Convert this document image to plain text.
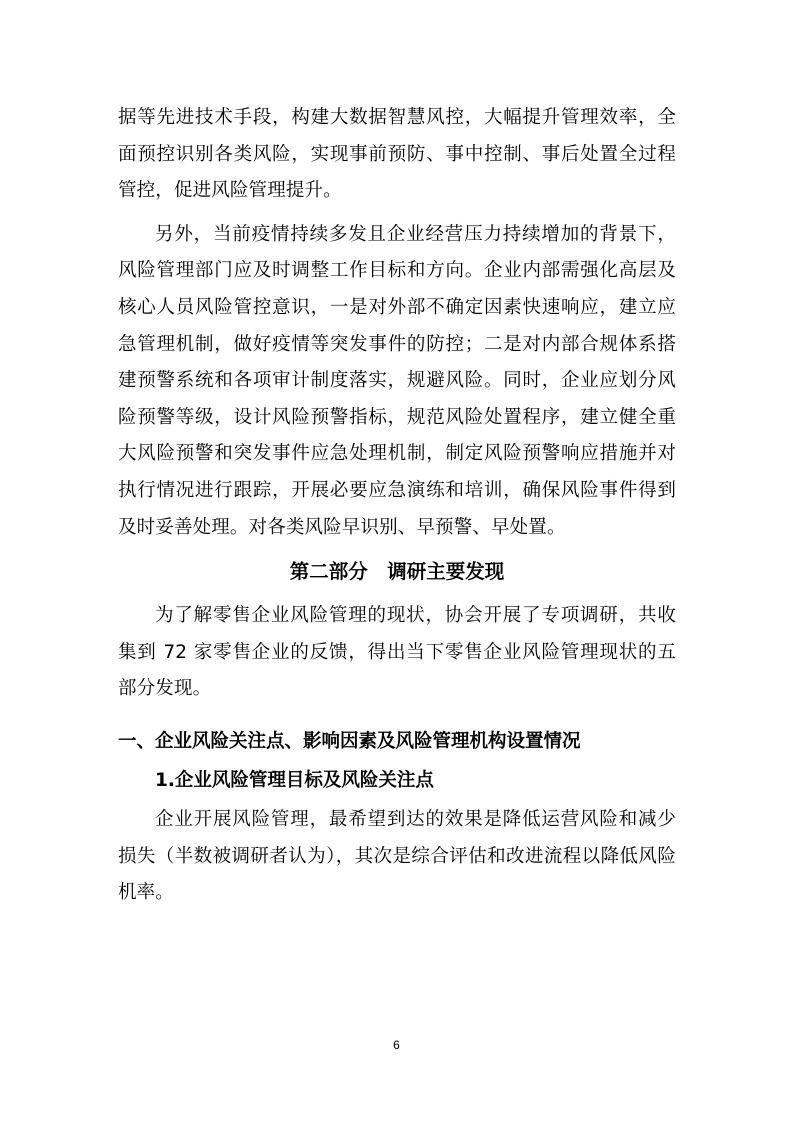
据等先进技术手段，构建大数据智慧风控，大幅提升管理效率，全面预控识别各类风险，实现事前预防、事中控制、事后处置全过程管控，促进风险管理提升。

另外，当前疫情持续多发且企业经营压力持续增加的背景下，风险管理部门应及时调整工作目标和方向。企业内部需强化高层及核心人员风险管控意识，一是对外部不确定因素快速响应，建立应急管理机制，做好疫情等突发事件的防控；二是对内部合规体系搭建预警系统和各项审计制度落实，规避风险。同时，企业应划分风险预警等级，设计风险预警指标，规范风险处置程序，建立健全重大风险预警和突发事件应急处理机制，制定风险预警响应措施并对执行情况进行跟踪，开展必要应急演练和培训，确保风险事件得到及时妥善处理。对各类风险早识别、早预警、早处置。

第二部分　调研主要发现

为了解零售企业风险管理的现状，协会开展了专项调研，共收集到 72 家零售企业的反馈，得出当下零售企业风险管理现状的五部分发现。

一、企业风险关注点、影响因素及风险管理机构设置情况
1.企业风险管理目标及风险关注点

企业开展风险管理，最希望到达的效果是降低运营风险和减少损失（半数被调研者认为），其次是综合评估和改进流程以降低风险机率。

6
